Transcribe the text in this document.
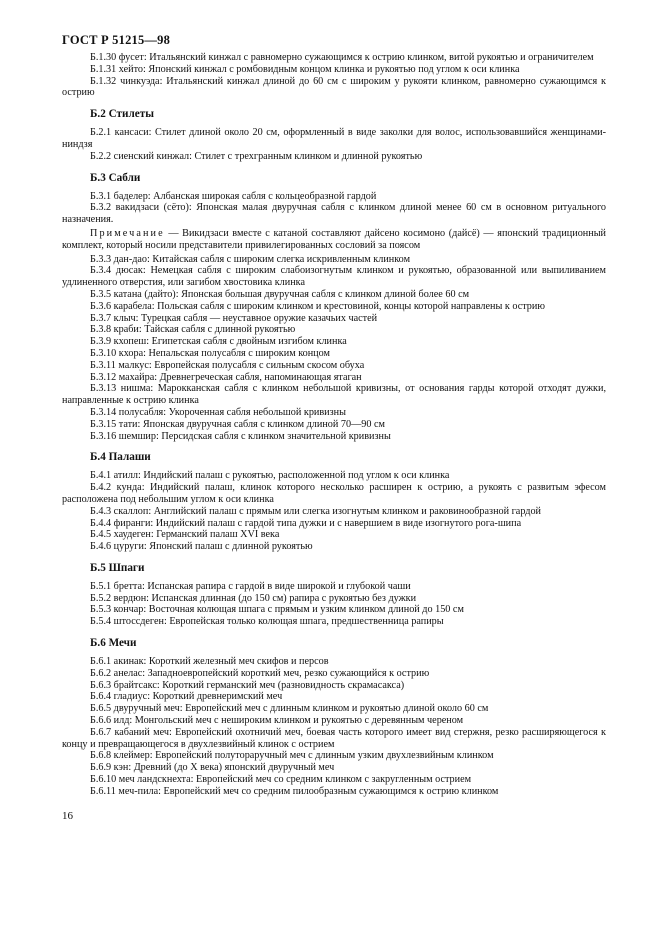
ГОСТ Р 51215—98

Б.1.30 фусет: Итальянский кинжал с равномерно сужающимся к острию клинком, витой рукоятью и ограничителем

Б.1.31 хейто: Японский кинжал с ромбовидным концом клинка и рукоятью под углом к оси клинка

Б.1.32 чинкуэда: Итальянский кинжал длиной до 60 см с широким у рукояти клинком, равномерно сужающимся к острию

Б.2 Стилеты

Б.2.1 кансаси: Стилет длиной около 20 см, оформленный в виде заколки для волос, использовавшийся женщинами-ниндзя

Б.2.2 сиенский кинжал: Стилет с трехгранным клинком и длинной рукоятью

Б.3 Сабли

Б.3.1 баделер: Албанская широкая сабля с кольцеобразной гардой

Б.3.2 вакидзаси (сёто): Японская малая двуручная сабля с клинком длиной менее 60 см в основном ритуального назначения.

Примечание — Викидзаси вместе с катаной составляют дайсено косимоно (дайсё) — японский традиционный комплект, который носили представители привилегированных сословий за поясом

Б.3.3 дан-дао: Китайская сабля с широким слегка искривленным клинком

Б.3.4 дюсак: Немецкая сабля с широким слабоизогнутым клинком и рукоятью, образованной или выпиливанием удлиненного отверстия, или загибом хвостовика клинка

Б.3.5 катана (дайто): Японская большая двуручная сабля с клинком длиной более 60 см

Б.3.6 карабела: Польская сабля с широким клинком и крестовиной, концы которой направлены к острию

Б.3.7 клыч: Турецкая сабля — неуставное оружие казачьих частей

Б.3.8 краби: Тайская сабля с длинной рукоятью

Б.3.9 кхопеш: Египетская сабля с двойным изгибом клинка

Б.3.10 кхора: Непальская полусабля с широким концом

Б.3.11 малкус: Европейская полусабля с сильным скосом обуха

Б.3.12 махайра: Древнегреческая сабля, напоминающая ятаган

Б.3.13 нишма: Марокканская сабля с клинком небольшой кривизны, от основания гарды которой отходят дужки, направленные к острию клинка

Б.3.14 полусабля: Укороченная сабля небольшой кривизны

Б.3.15 тати: Японская двуручная сабля с клинком длиной 70—90 см

Б.3.16 шемшир: Персидская сабля с клинком значительной кривизны

Б.4 Палаши

Б.4.1 атилл: Индийский палаш с рукоятью, расположенной под углом к оси клинка

Б.4.2 кунда: Индийский палаш, клинок которого несколько расширен к острию, а рукоять с развитым эфесом расположена под небольшим углом к оси клинка

Б.4.3 скаллоп: Английский палаш с прямым или слегка изогнутым клинком и раковинообразной гардой

Б.4.4 фиранги: Индийский палаш с гардой типа дужки и с навершием в виде изогнутого рога-шипа

Б.4.5 хаудеген: Германский палаш XVI века

Б.4.6 цуруги: Японский палаш с длинной рукоятью

Б.5 Шпаги

Б.5.1 бретта: Испанская рапира с гардой в виде широкой и глубокой чаши

Б.5.2 вердюн: Испанская длинная (до 150 см) рапира с рукоятью без дужки

Б.5.3 кончар: Восточная колющая шпага с прямым и узким клинком длиной до 150 см

Б.5.4 штоссдеген: Европейская только колющая шпага, предшественница рапиры

Б.6 Мечи

Б.6.1 акинак: Короткий железный меч скифов и персов

Б.6.2 анелас: Западноевропейский короткий меч, резко сужающийся к острию

Б.6.3 брайтсакс: Короткий германский меч (разновидность скрамасакса)

Б.6.4 гладиус: Короткий древнеримский меч

Б.6.5 двуручный меч: Европейский меч с длинным клинком и рукоятью длиной около 60 см

Б.6.6 илд: Монгольский меч с неширoким клинком и рукоятью с деревянным череном

Б.6.7 кабаний меч: Европейский охотничий меч, боевая часть которого имеет вид стержня, резко расширяющегося к концу и превращающегося в двухлезвийный клинок с острием

Б.6.8 клеймер: Европейский полуторaручный меч с длинным узким двухлезвийным клинком

Б.6.9 кэн: Древний (до X века) японский двуручный меч

Б.6.10 меч ландскнехта: Европейский меч со средним клинком с закругленным острием

Б.6.11 меч-пила: Европейский меч со средним пилообразным сужающимся к острию клинком

16
